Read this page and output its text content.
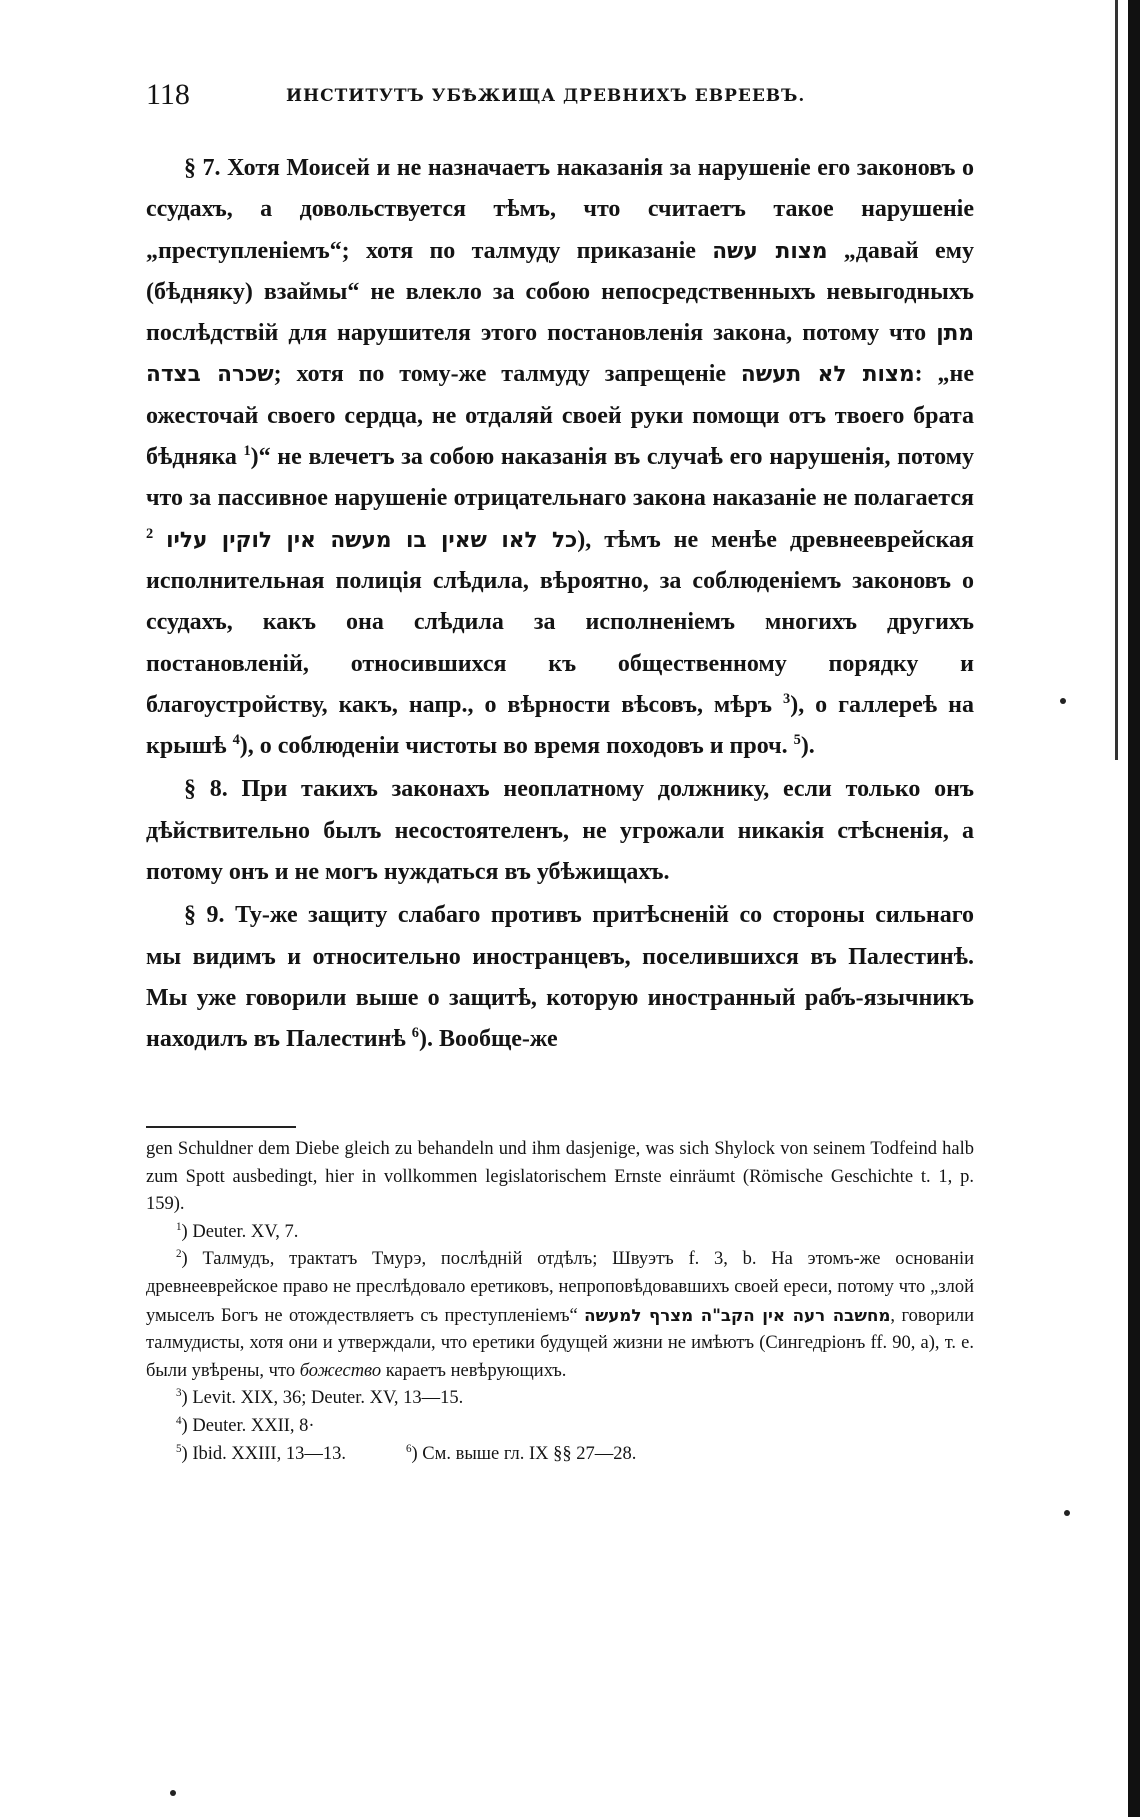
118	ИНСТИТУТЪ УБѢЖИЩА ДРЕВНИХЪ ЕВРЕЕВЪ.

§ 7. Хотя Моисей и не назначаетъ наказанія за нарушеніе его законовъ о ссудахъ, а довольствуется тѣмъ, что считаетъ такое нарушеніе „преступленіемъ“; хотя по талмуду приказаніе מצות עשה „давай ему (бѣдняку) взаймы“ не влекло за собою непосредственныхъ невыгодныхъ послѣдствій для нарушителя этого постановленія закона, потому что מתן שכרה בצדה; хотя по тому-же талмуду запрещеніе מצות לא תעשה: „не ожесточай своего сердца, не отдаляй своей руки помощи отъ твоего брата бѣдняка $^1$)“ не влечетъ за собою наказанія въ случаѣ его нарушенія, потому что за пассивное нарушеніе отрицательнаго закона наказаніе не полагается כל לאו שאין בו מעשה אין לוקין עליו $^2$	), тѣмъ не менѣе древнееврейская исполнительная полиція слѣдила, вѣроятно, за соблюденіемъ законовъ о ссудахъ, какъ она слѣдила за исполненіемъ многихъ другихъ постановленій, относившихся къ общественному порядку и благоустройству, какъ, напр., о вѣрности вѣсовъ, мѣръ $^3$), о галлереѣ на крышѣ $^4$), о соблюденіи чистоты во время походовъ и проч. $^5$).

§ 8. При такихъ законахъ неоплатному должнику, если только онъ дѣйствительно былъ несостоятеленъ, не угрожали никакія стѣсненія, а потому онъ и не могъ нуждаться въ убѣжищахъ.

§ 9. Ту-же защиту слабаго противъ притѣсненій со стороны сильнаго мы видимъ и относительно иностранцевъ, поселившихся въ Палестинѣ. Мы уже говорили выше о защитѣ, которую иностранный рабъ-язычникъ находилъ въ Палестинѣ $^6$). Вообще-же

gen Schuldner dem Diebe gleich zu behandeln und ihm dasjenige, was sich Shylock von seinem Todfeind halb zum Spott ausbedingt, hier in vollkommen legislatorischem Ernste einräumt (Römische Geschichte t. 1, p. 159).

$^1$) Deuter. XV, 7.

$^2$) Талмудъ, трактатъ Тмурэ, послѣдній отдѣлъ; Швуэтъ f. 3, b. На этомъ-же основаніи древнееврейское право не преслѣдовало еретиковъ, непроповѣдовавшихъ своей ереси, потому что „злой умыселъ Богъ не отождествляетъ съ преступленіемъ“ מחשבה רעה אין הקב"ה מצרף למעשה, говорили талмудисты, хотя они и утверждали, что еретики будущей жизни не имѣютъ (Сингедріонъ ff. 90, a), т. е. были увѣрены, что божество караетъ невѣрующихъ.

$^3$) Levit. XIX, 36; Deuter. XV, 13—15.

$^4$) Deuter. XXII, 8·

$^5$) Ibid. XXIII, 13—13.	$^6$) См. выше гл. IX §§ 27—28.
